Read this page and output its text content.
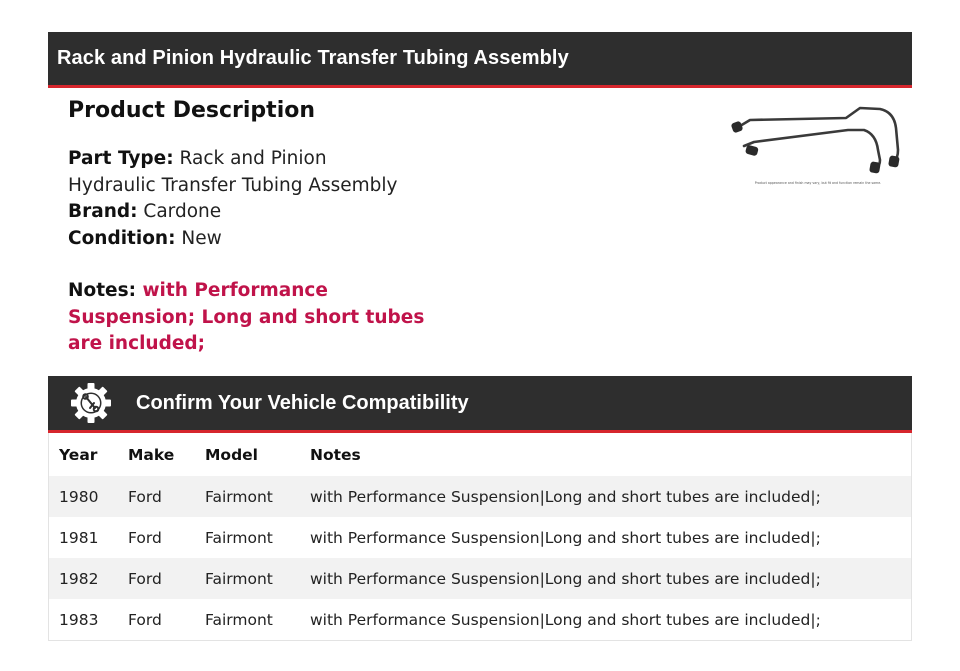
Rack and Pinion Hydraulic Transfer Tubing Assembly
Product Description
Part Type: Rack and Pinion Hydraulic Transfer Tubing Assembly
Brand: Cardone
Condition: New
Notes: with Performance Suspension; Long and short tubes are included;
Product appearance and finish may vary, but fit and function remain the same.
Confirm Your Vehicle Compatibility
Year	Make	Model	Notes
1980	Ford	Fairmont	with Performance Suspension|Long and short tubes are included|;
1981	Ford	Fairmont	with Performance Suspension|Long and short tubes are included|;
1982	Ford	Fairmont	with Performance Suspension|Long and short tubes are included|;
1983	Ford	Fairmont	with Performance Suspension|Long and short tubes are included|;
